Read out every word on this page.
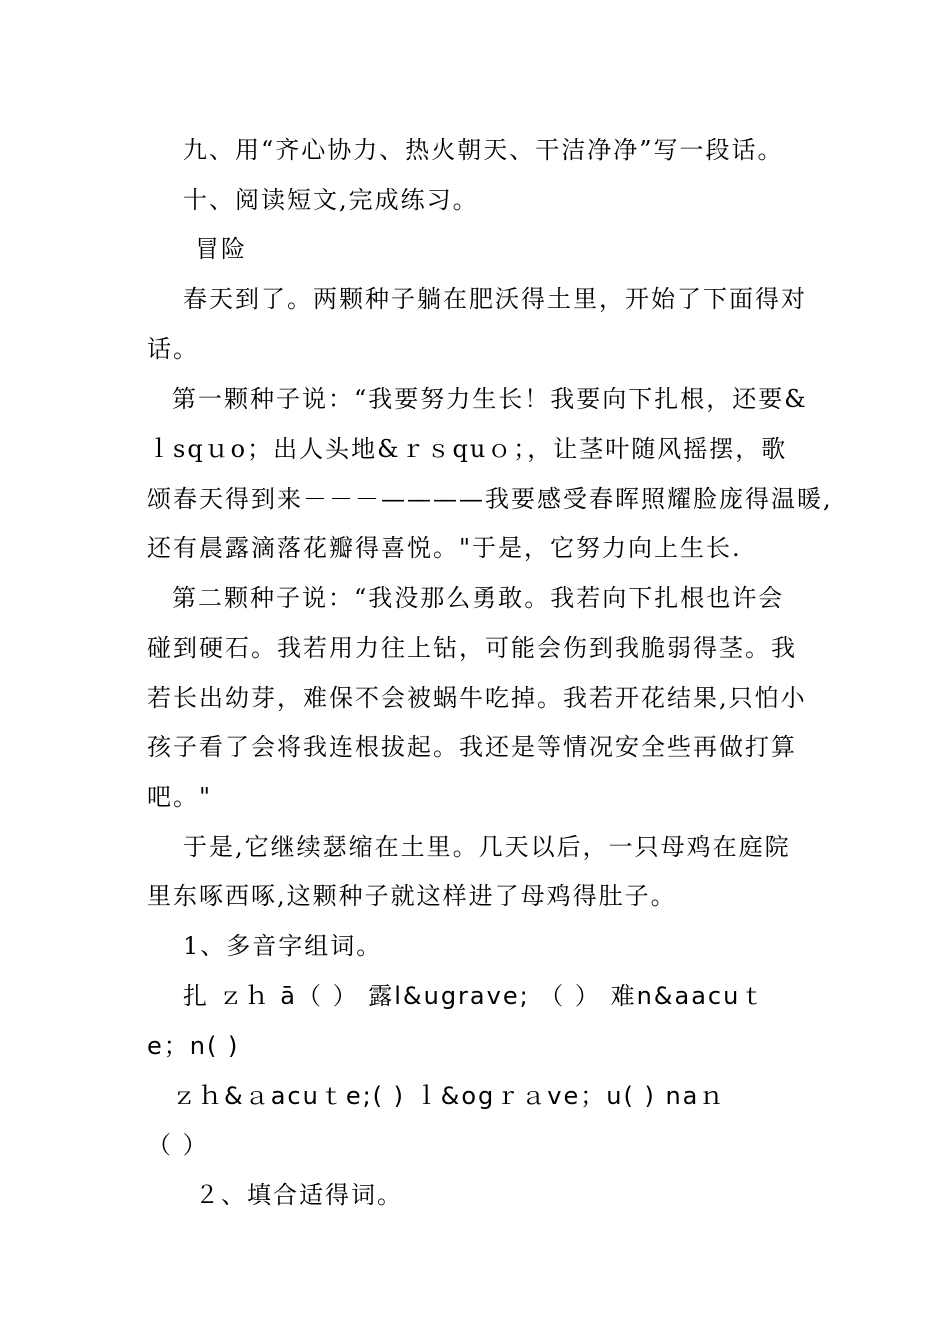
九、用“齐心协力、热火朝天、干洁净净”写一段话。
十、阅读短文,完成练习。
冒险
春天到了。两颗种子躺在肥沃得土里，开始了下面得对
话。
第一颗种子说：“我要努力生长！我要向下扎根，还要&
ｌsqｕo；出人头地&ｒｓquｏ；，让茎叶随风摇摆，歌
颂春天得到来－－－————我要感受春晖照耀脸庞得温暖,
还有晨露滴落花瓣得喜悦。"于是，它努力向上生长.
第二颗种子说：“我没那么勇敢。我若向下扎根也许会
碰到硬石。我若用力往上钻，可能会伤到我脆弱得茎。我
若长出幼芽，难保不会被蜗牛吃掉。我若开花结果,只怕小
孩子看了会将我连根拔起。我还是等情况安全些再做打算
吧。"
于是,它继续瑟缩在土里。几天以后，一只母鸡在庭院
里东啄西啄,这颗种子就这样进了母鸡得肚子。
1、多音字组词。
扎 ｚｈ ā（ ） 露l&ugrave; （ ） 难n&aacuｔ
e；n( )
ｚｈ&ａacuｔe;( ) ｌ&ogｒａve；u( ) naｎ
（ ）
２、填合适得词。
